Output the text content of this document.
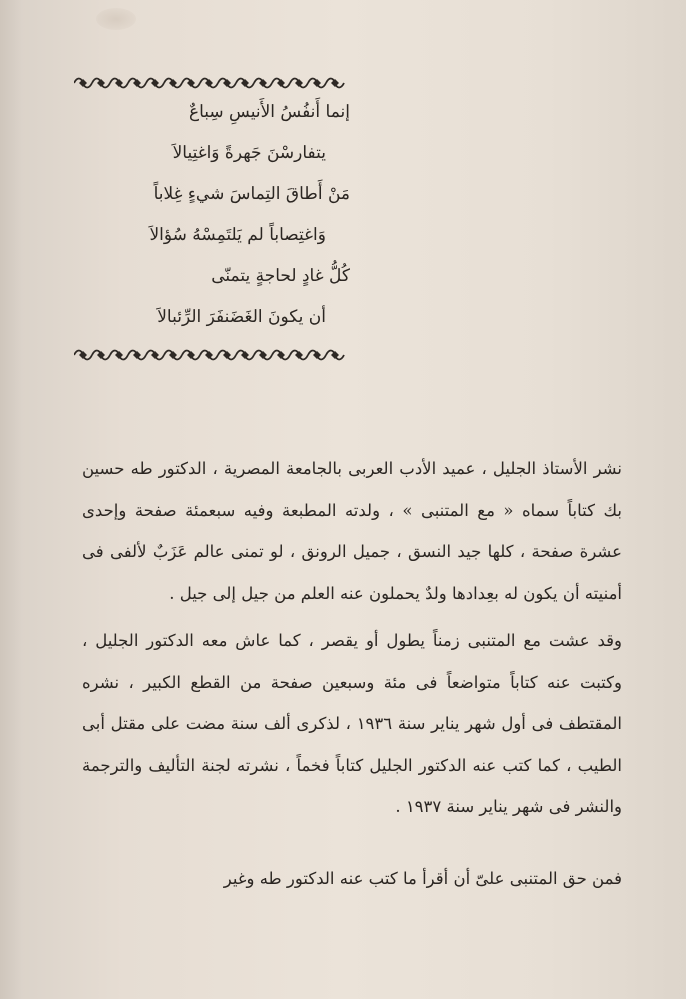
إنما أَنفُسُ الأَنيسِ سِباعٌ
يتفارسْنَ جَهرةً وَاغتِيالاَ
مَنْ أَطاقَ التِماسَ شيءٍ غِلاباً
وَاغتِصاباً لم يَلتَمِسْهُ سُؤالاَ
كُلُّ غادٍ لحاجةٍ يتمنّى
أن يكونَ الغَضَنفَرَ الرِّئبالاَ

نشر الأستاذ الجليل ، عميد الأدب العربى بالجامعة المصرية ، الدكتور طه حسين بك كتاباً سماه « مع المتنبى » ، ولدته المطبعة وفيه سبعمئة صفحة وإحدى عشرة صفحة ، كلها جيد النسق ، جميل الرونق ، لو تمنى عالم عَزَبٌ لألفى فى أمنيته أن يكون له بعِدادها ولدٌ يحملون عنه العلم من جيل إلى جيل .

وقد عشت مع المتنبى زمناً يطول أو يقصر ، كما عاش معه الدكتور الجليل ، وكتبت عنه كتاباً متواضعاً فى مئة وسبعين صفحة من القطع الكبير ، نشره المقتطف فى أول شهر يناير سنة ١٩٣٦ ، لذكرى ألف سنة مضت على مقتل أبى الطيب ، كما كتب عنه الدكتور الجليل كتاباً فخماً ، نشرته لجنة التأليف والترجمة والنشر فى شهر يناير سنة ١٩٣٧ .

فمن حق المتنبى علىّ أن أقرأ ما كتب عنه الدكتور طه وغير
